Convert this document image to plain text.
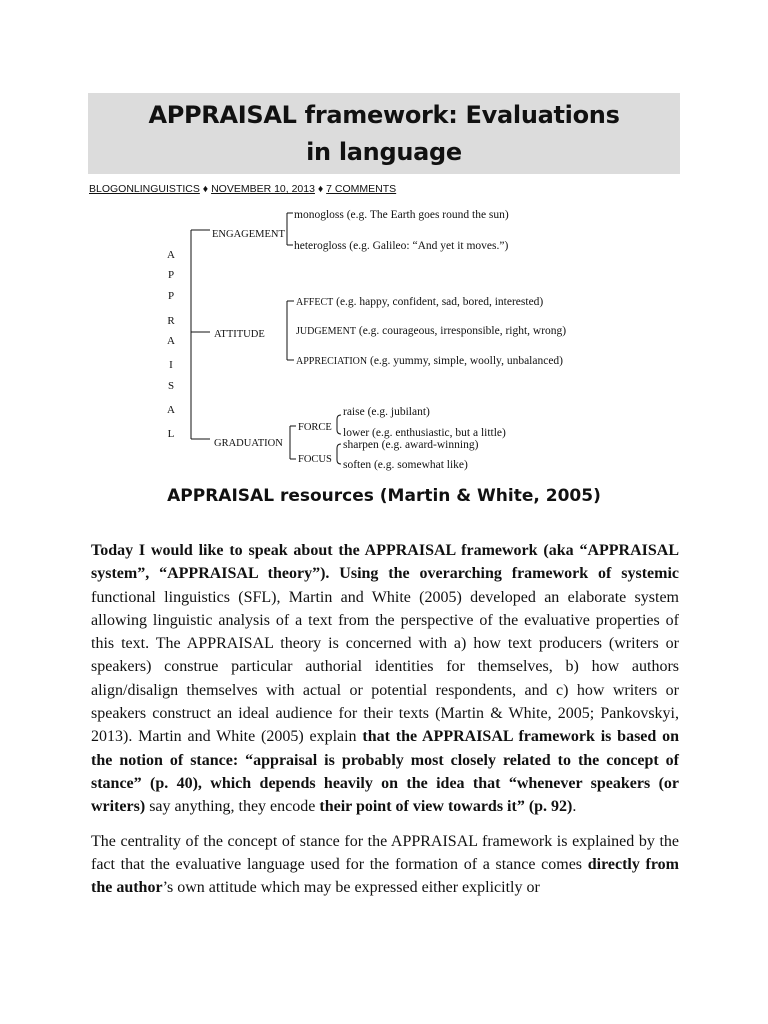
APPRAISAL framework: Evaluations
in language
BLOGONLINGUISTICS ♦ NOVEMBER 10, 2013 ♦ 7 COMMENTS
A
P
P
R
A
I
S
A
L
ENGAGEMENT
monogloss (e.g. The Earth goes round the sun)
heterogloss (e.g. Galileo: “And yet it moves.”)
ATTITUDE
AFFECT (e.g. happy, confident, sad, bored, interested)
JUDGEMENT (e.g. courageous, irresponsible, right, wrong)
APPRECIATION (e.g. yummy, simple, woolly, unbalanced)
GRADUATION
FORCE
FOCUS
raise (e.g. jubilant)
lower (e.g. enthusiastic, but a little)
sharpen (e.g. award-winning)
soften (e.g. somewhat like)
APPRAISAL resources (Martin & White, 2005)

Today I would like to speak about the APPRAISAL framework (aka “APPRAISAL system”, “APPRAISAL theory”). Using the overarching framework of systemic functional linguistics (SFL), Martin and White (2005) developed an elaborate system allowing linguistic analysis of a text from the perspective of the evaluative properties of this text. The APPRAISAL theory is concerned with a) how text producers (writers or speakers) construe particular authorial identities for themselves, b) how authors align/disalign themselves with actual or potential respondents, and c) how writers or speakers construct an ideal audience for their texts (Martin & White, 2005; Pankovskyi, 2013). Martin and White (2005) explain that the APPRAISAL framework is based on the notion of stance: “appraisal is probably most closely related to the concept of stance” (p. 40), which depends heavily on the idea that “whenever speakers (or writers) say anything, they encode their point of view towards it” (p. 92).

The centrality of the concept of stance for the APPRAISAL framework is explained by the fact that the evaluative language used for the formation of a stance comes directly from the author’s own attitude which may be expressed either explicitly or
